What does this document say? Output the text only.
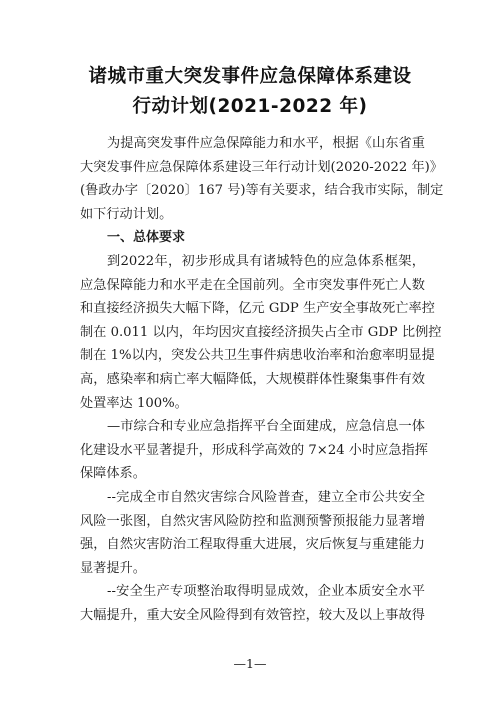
诸城市重大突发事件应急保障体系建设
行动计划(2021-2022 年)
为提高突发事件应急保障能力和水平，根据《山东省重
大突发事件应急保障体系建设三年行动计划(2020-2022 年)》
(鲁政办字〔2020〕167 号)等有关要求，结合我市实际，制定
如下行动计划。
一、总体要求
到2022年，初步形成具有诸城特色的应急体系框架，
应急保障能力和水平走在全国前列。全市突发事件死亡人数
和直接经济损失大幅下降，亿元 GDP 生产安全事故死亡率控
制在 0.011 以内，年均因灾直接经济损失占全市 GDP 比例控
制在 1%以内，突发公共卫生事件病患收治率和治愈率明显提
高，感染率和病亡率大幅降低，大规模群体性聚集事件有效
处置率达 100%。
—市综合和专业应急指挥平台全面建成，应急信息一体
化建设水平显著提升，形成科学高效的 7×24 小时应急指挥
保障体系。
--完成全市自然灾害综合风险普查，建立全市公共安全
风险一张图，自然灾害风险防控和监测预警预报能力显著增
强，自然灾害防治工程取得重大进展，灾后恢复与重建能力
显著提升。
--安全生产专项整治取得明显成效，企业本质安全水平
大幅提升，重大安全风险得到有效管控，较大及以上事故得
—1—
